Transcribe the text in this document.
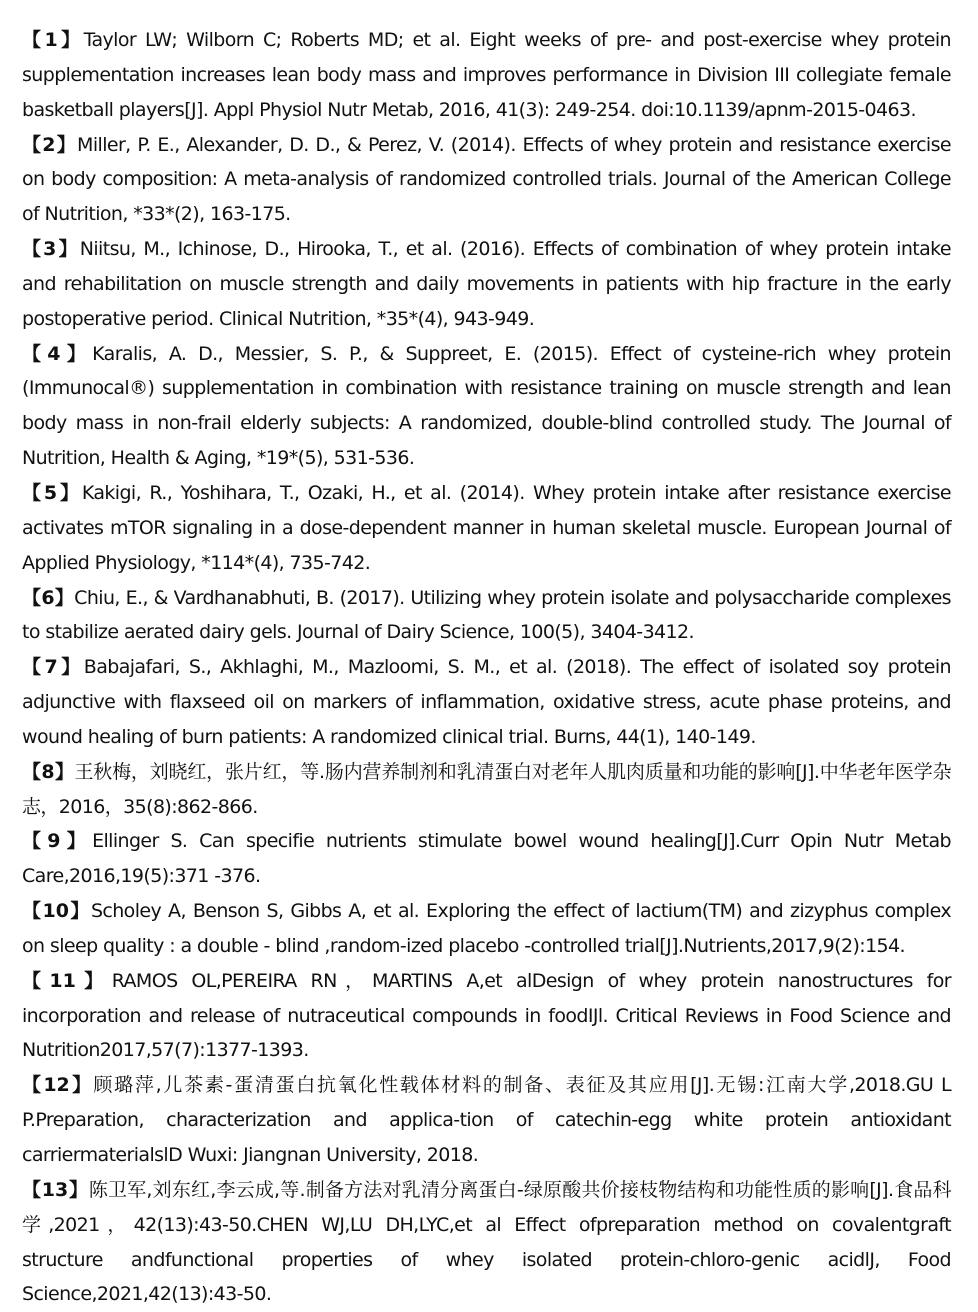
【1】Taylor LW; Wilborn C; Roberts MD; et al. Eight weeks of pre- and post-exercise whey protein supplementation increases lean body mass and improves performance in Division III collegiate female basketball players[J]. Appl Physiol Nutr Metab, 2016, 41(3): 249-254. doi:10.1139/apnm-2015-0463.

【2】Miller, P. E., Alexander, D. D., & Perez, V. (2014). Effects of whey protein and resistance exercise on body composition: A meta-analysis of randomized controlled trials. Journal of the American College of Nutrition, *33*(2), 163-175.

【3】Niitsu, M., Ichinose, D., Hirooka, T., et al. (2016). Effects of combination of whey protein intake and rehabilitation on muscle strength and daily movements in patients with hip fracture in the early postoperative period. Clinical Nutrition, *35*(4), 943-949.

【4】Karalis, A. D., Messier, S. P., & Suppreet, E. (2015). Effect of cysteine-rich whey protein (Immunocal®) supplementation in combination with resistance training on muscle strength and lean body mass in non-frail elderly subjects: A randomized, double-blind controlled study. The Journal of Nutrition, Health & Aging, *19*(5), 531-536.

【5】Kakigi, R., Yoshihara, T., Ozaki, H., et al. (2014). Whey protein intake after resistance exercise activates mTOR signaling in a dose-dependent manner in human skeletal muscle. European Journal of Applied Physiology, *114*(4), 735-742.

【6】Chiu, E., & Vardhanabhuti, B. (2017). Utilizing whey protein isolate and polysaccharide complexes to stabilize aerated dairy gels. Journal of Dairy Science, 100(5), 3404-3412.

【7】Babajafari, S., Akhlaghi, M., Mazloomi, S. M., et al. (2018). The effect of isolated soy protein adjunctive with flaxseed oil on markers of inflammation, oxidative stress, acute phase proteins, and wound healing of burn patients: A randomized clinical trial. Burns, 44(1), 140-149.

【8】王秋梅，刘晓红，张片红，等.肠内营养制剂和乳清蛋白对老年人肌肉质量和功能的影响[J].中华老年医学杂志，2016，35(8):862-866.

【9】Ellinger S. Can specifie nutrients stimulate bowel wound healing[J].Curr Opin Nutr Metab Care,2016,19(5):371 -376.

【10】Scholey A, Benson S, Gibbs A, et al. Exploring the effect of lactium(TM) and zizyphus complex on sleep quality : a double - blind ,random-ized placebo -controlled trial[J].Nutrients,2017,9(2):154.

【11】RAMOS OL,PEREIRA RN，MARTINS A,et alDesign of whey protein nanostructures for incorporation and release of nutraceutical compounds in foodIJl. Critical Reviews in Food Science and Nutrition2017,57(7):1377-1393.

【12】顾璐萍,儿茶素-蛋清蛋白抗氧化性载体材料的制备、表征及其应用[J].无锡:江南大学,2018.GU L P.Preparation, characterization and applica-tion of catechin-egg white protein antioxidant carriermaterialslD Wuxi: Jiangnan University, 2018.

【13】陈卫军,刘东红,李云成,等.制备方法对乳清分离蛋白-绿原酸共价接枝物结构和功能性质的影响[J].食品科学,2021，42(13):43-50.CHEN WJ,LU DH,LYC,et al Effect ofpreparation method on covalentgraft structure andfunctional properties of whey isolated protein-chloro-genic acidlJ, Food Science,2021,42(13):43-50.
